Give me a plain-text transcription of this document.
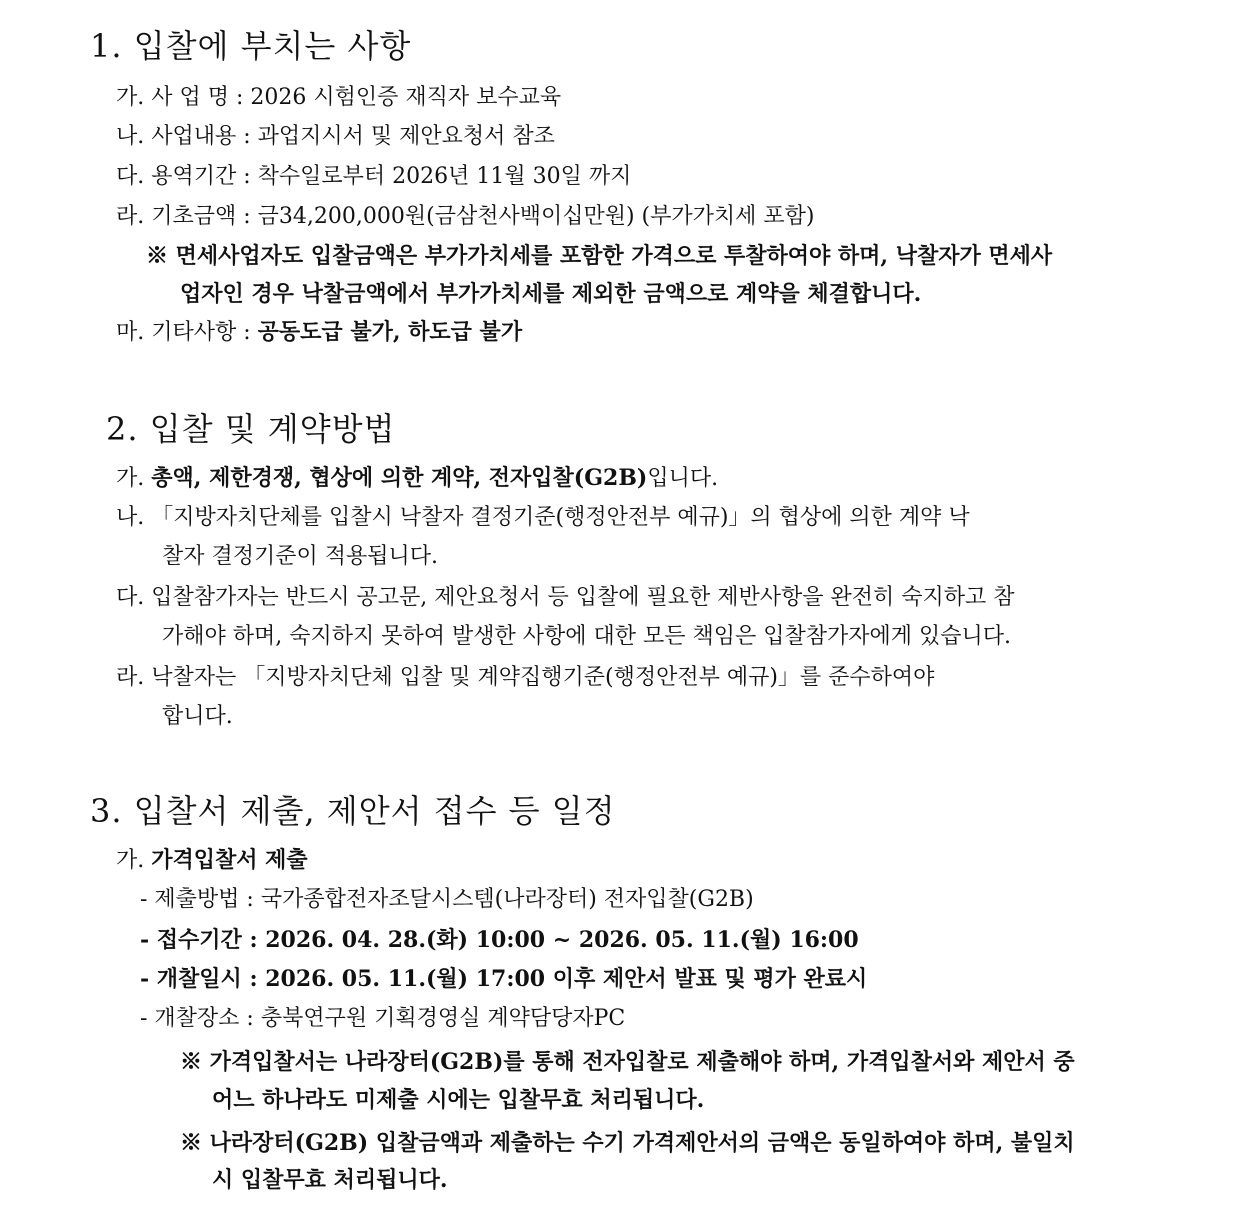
1. 입찰에 부치는 사항
가. 사 업 명 : 2026 시험인증 재직자 보수교육
나. 사업내용 : 과업지시서 및 제안요청서 참조
다. 용역기간 : 착수일로부터 2026년 11월 30일 까지
라. 기초금액 : 금34,200,000원(금삼천사백이십만원) (부가가치세 포함)
※ 면세사업자도 입찰금액은 부가가치세를 포함한 가격으로 투찰하여야 하며, 낙찰자가 면세사
업자인 경우 낙찰금액에서 부가가치세를 제외한 금액으로 계약을 체결합니다.
마. 기타사항 : 공동도급 불가, 하도급 불가
2. 입찰 및 계약방법
가. 총액, 제한경쟁, 협상에 의한 계약, 전자입찰(G2B)입니다.
나. 「지방자치단체를 입찰시 낙찰자 결정기준(행정안전부 예규)」의 협상에 의한 계약 낙
찰자 결정기준이 적용됩니다.
다. 입찰참가자는 반드시 공고문, 제안요청서 등 입찰에 필요한 제반사항을 완전히 숙지하고 참
가해야 하며, 숙지하지 못하여 발생한 사항에 대한 모든 책임은 입찰참가자에게 있습니다.
라. 낙찰자는 「지방자치단체 입찰 및 계약집행기준(행정안전부 예규)」를 준수하여야
합니다.
3. 입찰서 제출, 제안서 접수 등 일정
가. 가격입찰서 제출
- 제출방법 : 국가종합전자조달시스템(나라장터) 전자입찰(G2B)
- 접수기간 : 2026. 04. 28.(화) 10:00 ~ 2026. 05. 11.(월) 16:00
- 개찰일시 : 2026. 05. 11.(월) 17:00 이후 제안서 발표 및 평가 완료시
- 개찰장소 : 충북연구원 기획경영실 계약담당자PC
※ 가격입찰서는 나라장터(G2B)를 통해 전자입찰로 제출해야 하며, 가격입찰서와 제안서 중
어느 하나라도 미제출 시에는 입찰무효 처리됩니다.
※ 나라장터(G2B) 입찰금액과 제출하는 수기 가격제안서의 금액은 동일하여야 하며, 불일치
시 입찰무효 처리됩니다.
